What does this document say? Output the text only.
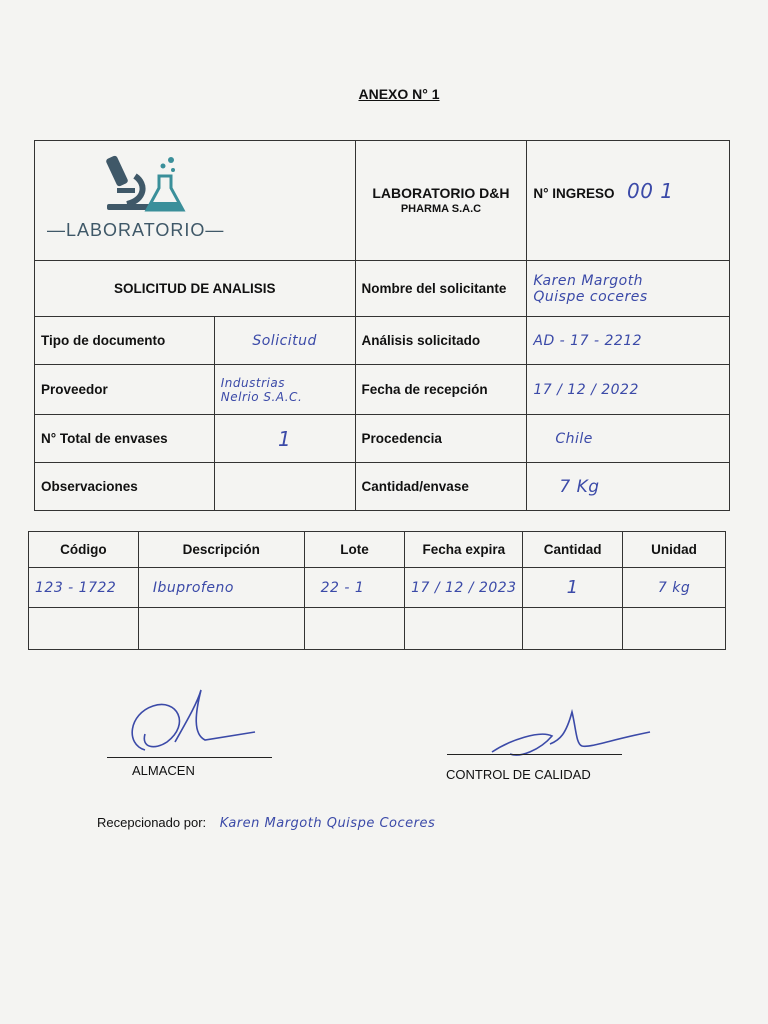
ANEXO N° 1
—LABORATORIO—		LABORATORIO D&H
PHARMA S.A.C	N° INGRESO 00 1
SOLICITUD DE ANALISIS		Nombre del solicitante	Karen Margoth
Quispe coceres

Tipo de documento	Solicitud	Análisis solicitado	AD - 17 - 2212
Proveedor	Industrias
Nelrio S.A.C.	Fecha de recepción	17 / 12 / 2022
N° Total de envases	1	Procedencia	Chile
Observaciones		Cantidad/envase	7 Kg
Código	Descripción	Lote	Fecha expira	Cantidad	Unidad
123 - 1722	Ibuprofeno	22 - 1	17 / 12 / 2023	1	7 kg

ALMACEN	CONTROL DE CALIDAD
Recepcionado por: Karen Margoth Quispe Coceres
